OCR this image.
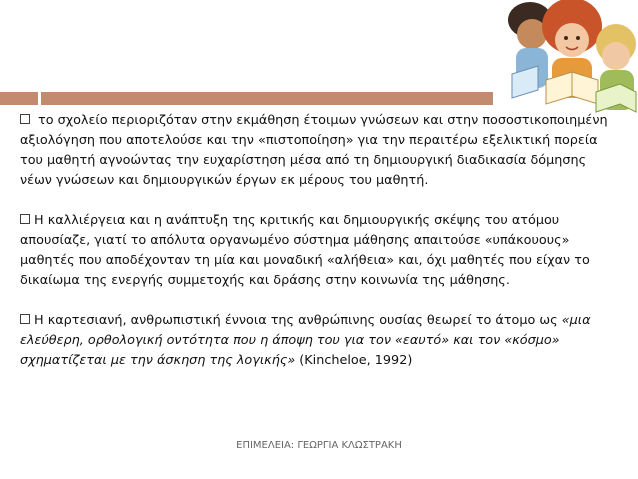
το σχολείο περιοριζόταν στην εκμάθηση έτοιμων γνώσεων και στην ποσοστικοποιημένη αξιολόγηση που αποτελούσε και την «πιστοποίηση» για την περαιτέρω εξελικτική πορεία του μαθητή αγνοώντας την ευχαρίστηση μέσα από τη δημιουργική διαδικασία δόμησης νέων γνώσεων και δημιουργικών έργων εκ μέρους του μαθητή.

Η καλλιέργεια και η ανάπτυξη της κριτικής και δημιουργικής σκέψης του ατόμου απουσίαζε, γιατί το απόλυτα οργανωμένο σύστημα μάθησης απαιτούσε «υπάκουους» μαθητές που αποδέχονταν τη μία και μοναδική «αλήθεια» και, όχι μαθητές που είχαν το δικαίωμα της ενεργής συμμετοχής και δράσης στην κοινωνία της μάθησης.

Η καρτεσιανή, ανθρωπιστική έννοια της ανθρώπινης ουσίας θεωρεί το άτομο ως «μια ελεύθερη, ορθολογική οντότητα που η άποψη του για τον «εαυτό» και τον «κόσμο» σχηματίζεται με την άσκηση της λογικής» (Kincheloe, 1992)

ΕΠΙΜΕΛΕΙΑ: ΓΕΩΡΓΙΑ ΚΛΩΣΤΡΑΚΗ
